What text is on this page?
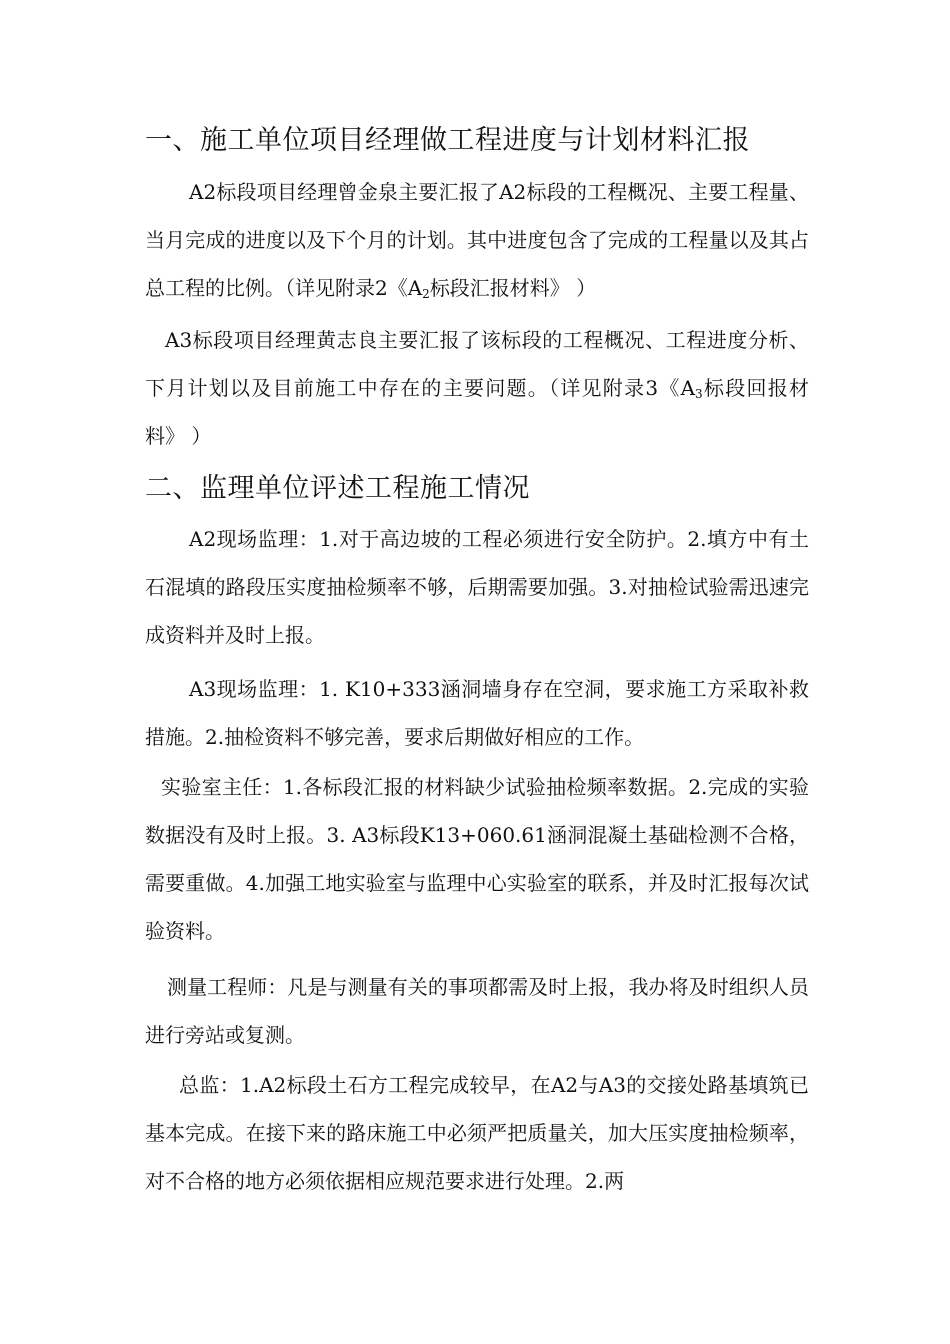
一、施工单位项目经理做工程进度与计划材料汇报

A2标段项目经理曾金泉主要汇报了A2标段的工程概况、主要工程量、当月完成的进度以及下个月的计划。其中进度包含了完成的工程量以及其占总工程的比例。（详见附录2《$A_2$标段汇报材料》 ）

A3标段项目经理黄志良主要汇报了该标段的工程概况、工程进度分析、下月计划以及目前施工中存在的主要问题。（详见附录3《$A_3$标段回报材料》 ）

二、监理单位评述工程施工情况

A2现场监理：1.对于高边坡的工程必须进行安全防护。2.填方中有土石混填的路段压实度抽检频率不够，后期需要加强。3.对抽检试验需迅速完成资料并及时上报。

A3现场监理：1. K10+333涵洞墙身存在空洞，要求施工方采取补救措施。2.抽检资料不够完善，要求后期做好相应的工作。

实验室主任：1.各标段汇报的材料缺少试验抽检频率数据。2.完成的实验数据没有及时上报。3. A3标段K13+060.61涵洞混凝土基础检测不合格，需要重做。4.加强工地实验室与监理中心实验室的联系，并及时汇报每次试验资料。

测量工程师：凡是与测量有关的事项都需及时上报，我办将及时组织人员进行旁站或复测。

总监：1.A2标段土石方工程完成较早，在A2与A3的交接处路基填筑已基本完成。在接下来的路床施工中必须严把质量关，加大压实度抽检频率，对不合格的地方必须依据相应规范要求进行处理。2.两
